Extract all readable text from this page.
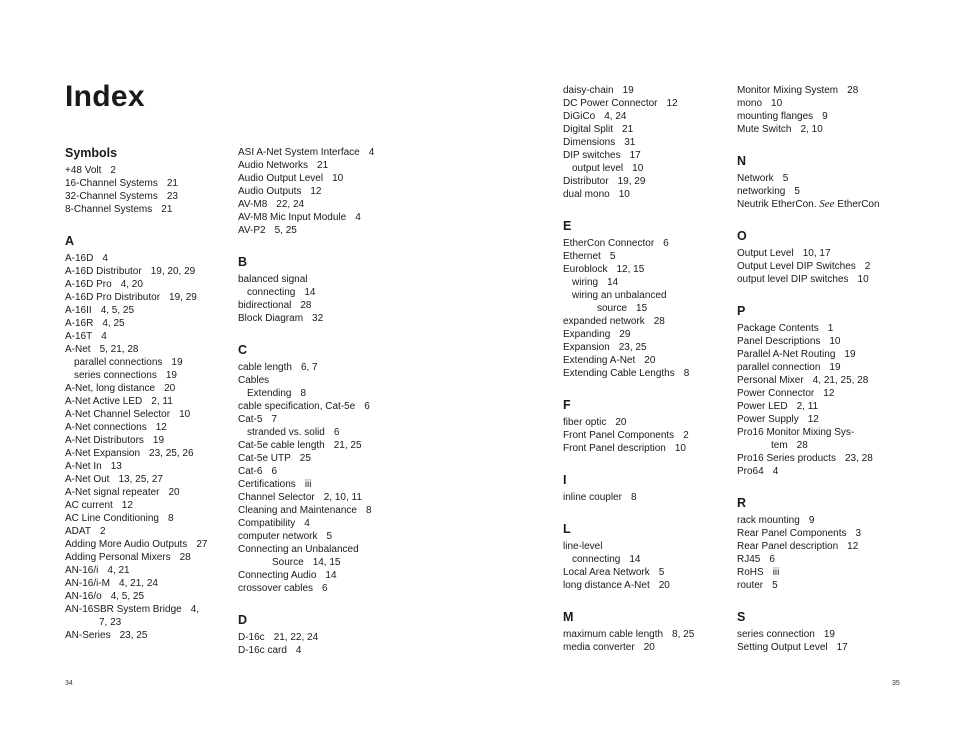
Index
Symbols
+48 Volt 2
16-Channel Systems 21
32-Channel Systems 23
8-Channel Systems 21
A
A-16D 4
A-16D Distributor 19, 20, 29
A-16D Pro 4, 20
A-16D Pro Distributor 19, 29
A-16II 4, 5, 25
A-16R 4, 25
A-16T 4
A-Net 5, 21, 28
parallel connections 19
series connections 19
A-Net, long distance 20
A-Net Active LED 2, 11
A-Net Channel Selector 10
A-Net connections 12
A-Net Distributors 19
A-Net Expansion 23, 25, 26
A-Net In 13
A-Net Out 13, 25, 27
A-Net signal repeater 20
AC current 12
AC Line Conditioning 8
ADAT 2
Adding More Audio Outputs 27
Adding Personal Mixers 28
AN-16/i 4, 21
AN-16/i-M 4, 21, 24
AN-16/o 4, 5, 25
AN-16SBR System Bridge 4,
7, 23
AN-Series 23, 25
ASI A-Net System Interface 4
Audio Networks 21
Audio Output Level 10
Audio Outputs 12
AV-M8 22, 24
AV-M8 Mic Input Module 4
AV-P2 5, 25
B
balanced signal
connecting 14
bidirectional 28
Block Diagram 32
C
cable length 6, 7
Cables
Extending 8
cable specification, Cat-5e 6
Cat-5 7
stranded vs. solid 6
Cat-5e cable length 21, 25
Cat-5e UTP 25
Cat-6 6
Certifications iii
Channel Selector 2, 10, 11
Cleaning and Maintenance 8
Compatibility 4
computer network 5
Connecting an Unbalanced
Source 14, 15
Connecting Audio 14
crossover cables 6
D
D-16c 21, 22, 24
D-16c card 4
daisy-chain 19
DC Power Connector 12
DiGiCo 4, 24
Digital Split 21
Dimensions 31
DIP switches 17
output level 10
Distributor 19, 29
dual mono 10
E
EtherCon Connector 6
Ethernet 5
Euroblock 12, 15
wiring 14
wiring an unbalanced
source 15
expanded network 28
Expanding 29
Expansion 23, 25
Extending A-Net 20
Extending Cable Lengths 8
F
fiber optic 20
Front Panel Components 2
Front Panel description 10
I
inline coupler 8
L
line-level
connecting 14
Local Area Network 5
long distance A-Net 20
M
maximum cable length 8, 25
media converter 20
Monitor Mixing System 28
mono 10
mounting flanges 9
Mute Switch 2, 10
N
Network 5
networking 5
Neutrik EtherCon. See EtherCon
O
Output Level 10, 17
Output Level DIP Switches 2
output level DIP switches 10
P
Package Contents 1
Panel Descriptions 10
Parallel A-Net Routing 19
parallel connection 19
Personal Mixer 4, 21, 25, 28
Power Connector 12
Power LED 2, 11
Power Supply 12
Pro16 Monitor Mixing Sys-
tem 28
Pro16 Series products 23, 28
Pro64 4
R
rack mounting 9
Rear Panel Components 3
Rear Panel description 12
RJ45 6
RoHS iii
router 5
S
series connection 19
Setting Output Level 17
34	35
